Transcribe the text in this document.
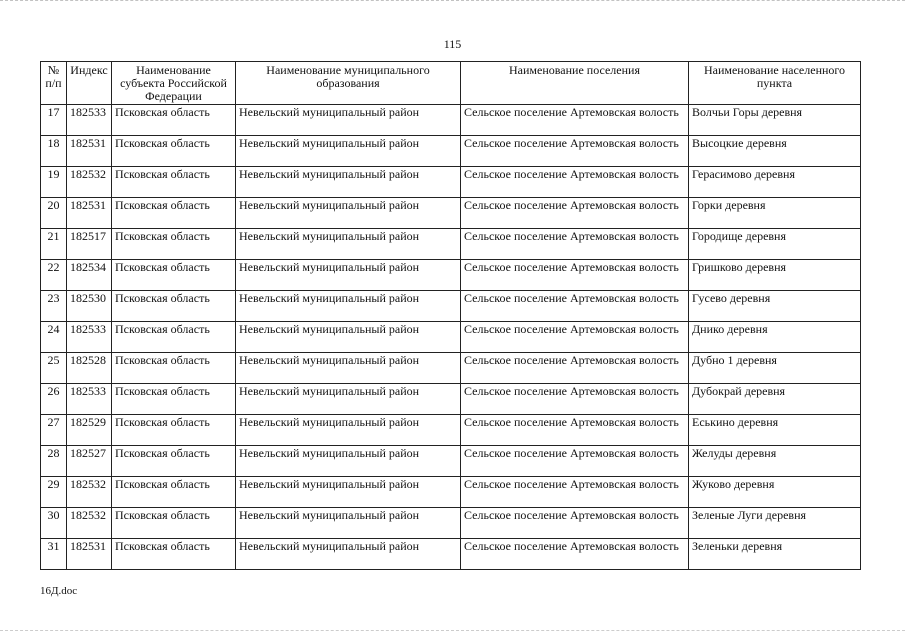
115
№ п/п	Индекс	Наименование субъекта Российской Федерации	Наименование муниципального образования	Наименование поселения	Наименование населенного пункта
17	182533	Псковская область	Невельский муниципальный район	Сельское поселение Артемовская волость	Волчьи Горы деревня
18	182531	Псковская область	Невельский муниципальный район	Сельское поселение Артемовская волость	Высоцкие деревня
19	182532	Псковская область	Невельский муниципальный район	Сельское поселение Артемовская волость	Герасимово деревня
20	182531	Псковская область	Невельский муниципальный район	Сельское поселение Артемовская волость	Горки деревня
21	182517	Псковская область	Невельский муниципальный район	Сельское поселение Артемовская волость	Городище деревня
22	182534	Псковская область	Невельский муниципальный район	Сельское поселение Артемовская волость	Гришково деревня
23	182530	Псковская область	Невельский муниципальный район	Сельское поселение Артемовская волость	Гусево деревня
24	182533	Псковская область	Невельский муниципальный район	Сельское поселение Артемовская волость	Днико деревня
25	182528	Псковская область	Невельский муниципальный район	Сельское поселение Артемовская волость	Дубно 1 деревня
26	182533	Псковская область	Невельский муниципальный район	Сельское поселение Артемовская волость	Дубокрай деревня
27	182529	Псковская область	Невельский муниципальный район	Сельское поселение Артемовская волость	Еськино деревня
28	182527	Псковская область	Невельский муниципальный район	Сельское поселение Артемовская волость	Желуды деревня
29	182532	Псковская область	Невельский муниципальный район	Сельское поселение Артемовская волость	Жуково деревня
30	182532	Псковская область	Невельский муниципальный район	Сельское поселение Артемовская волость	Зеленые Луги деревня
31	182531	Псковская область	Невельский муниципальный район	Сельское поселение Артемовская волость	Зеленьки деревня
16Д.doc
